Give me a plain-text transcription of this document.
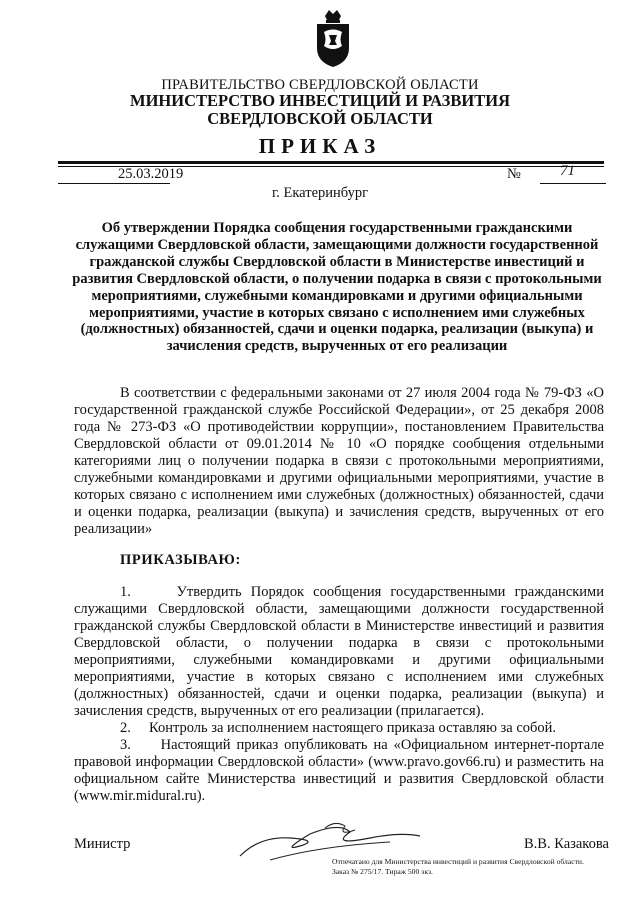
ПРАВИТЕЛЬСТВО СВЕРДЛОВСКОЙ ОБЛАСТИ
МИНИСТЕРСТВО ИНВЕСТИЦИЙ И РАЗВИТИЯ
СВЕРДЛОВСКОЙ ОБЛАСТИ
ПРИКАЗ
25.03.2019	№	71
г. Екатеринбург
Об утверждении Порядка сообщения государственными гражданскими служащими Свердловской области, замещающими должности государственной гражданской службы Свердловской области в Министерстве инвестиций и развития Свердловской области, о получении подарка в связи с протокольными мероприятиями, служебными командировками и другими официальными мероприятиями, участие в которых связано с исполнением ими служебных (должностных) обязанностей, сдачи и оценки подарка, реализации (выкупа) и зачисления средств, вырученных от его реализации

В соответствии с федеральными законами от 27 июля 2004 года № 79-ФЗ «О государственной гражданской службе Российской Федерации», от 25 декабря 2008 года № 273-ФЗ «О противодействии коррупции», постановлением Правительства Свердловской области от 09.01.2014 № 10 «О порядке сообщения отдельными категориями лиц о получении подарка в связи с протокольными мероприятиями, служебными командировками и другими официальными мероприятиями, участие в которых связано с исполнением ими служебных (должностных) обязанностей, сдачи и оценки подарка, реализации (выкупа) и зачисления средств, вырученных от его реализации»

ПРИКАЗЫВАЮ:

1.     Утвердить Порядок сообщения государственными гражданскими служащими Свердловской области, замещающими должности государственной гражданской службы Свердловской области в Министерстве инвестиций и развития Свердловской области, о получении подарка в связи с протокольными мероприятиями, служебными командировками и другими официальными мероприятиями, участие в которых связано с исполнением ими служебных (должностных) обязанностей, сдачи и оценки подарка, реализации (выкупа) и зачисления средств, вырученных от его реализации (прилагается).

2.     Контроль за исполнением настоящего приказа оставляю за собой.

3.     Настоящий приказ опубликовать на «Официальном интернет-портале правовой информации Свердловской области» (www.pravo.gov66.ru) и разместить на официальном сайте Министерства инвестиций и развития Свердловской области (www.mir.midural.ru).

Министр	В.В. Казакова
Отпечатано для Министерства инвестиций и развития Свердловской области.
Заказ № 275/17. Тираж 500 экз.
